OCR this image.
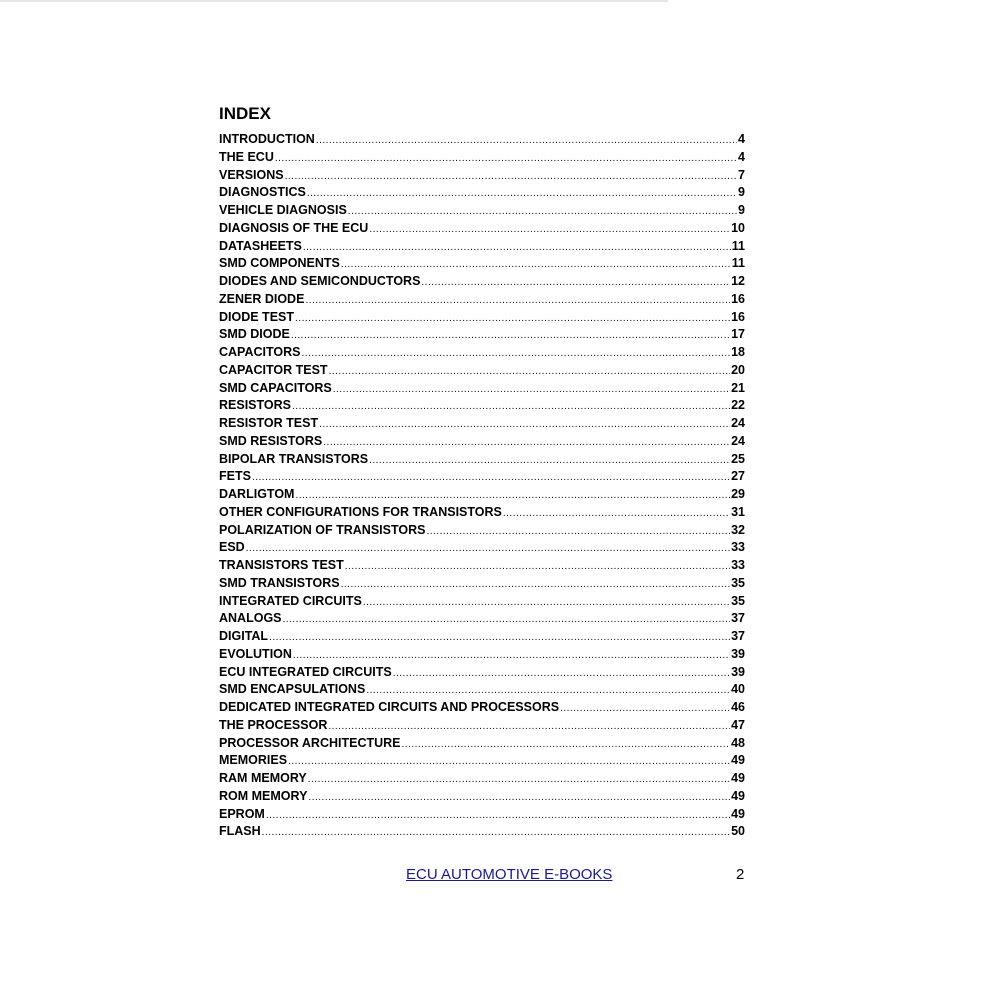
INDEX
INTRODUCTION .....	4
THE ECU .....	4
VERSIONS .....	7
DIAGNOSTICS .....	9
VEHICLE DIAGNOSIS .....	9
DIAGNOSIS OF THE ECU .....	10
DATASHEETS .....	11
SMD COMPONENTS .....	11
DIODES AND SEMICONDUCTORS .....	12
ZENER DIODE .....	16
DIODE TEST .....	16
SMD DIODE .....	17
CAPACITORS .....	18
CAPACITOR TEST .....	20
SMD CAPACITORS .....	21
RESISTORS .....	22
RESISTOR TEST .....	24
SMD RESISTORS .....	24
BIPOLAR TRANSISTORS .....	25
FETS .....	27
DARLIGTOM .....	29
OTHER CONFIGURATIONS FOR TRANSISTORS .....	31
POLARIZATION OF TRANSISTORS .....	32
ESD .....	33
TRANSISTORS TEST .....	33
SMD TRANSISTORS .....	35
INTEGRATED CIRCUITS .....	35
ANALOGS .....	37
DIGITAL .....	37
EVOLUTION .....	39
ECU INTEGRATED CIRCUITS .....	39
SMD ENCAPSULATIONS .....	40
DEDICATED INTEGRATED CIRCUITS AND PROCESSORS .....	46
THE PROCESSOR .....	47
PROCESSOR ARCHITECTURE .....	48
MEMORIES .....	49
RAM MEMORY .....	49
ROM MEMORY .....	49
EPROM .....	49
FLASH .....	50
ECU AUTOMOTIVE E-BOOKS	2
